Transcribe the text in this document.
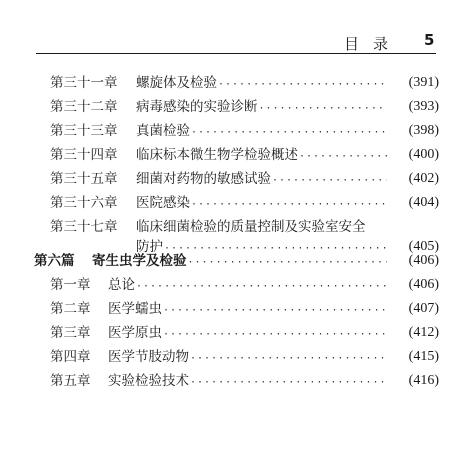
目录 5
第三十一章 螺旋体及检验 ·····	(391)
第三十二章 病毒感染的实验诊断 ·····	(393)
第三十三章 真菌检验 ·····	(398)
第三十四章 临床标本微生物学检验概述 ·····	(400)
第三十五章 细菌对药物的敏感试验 ·····	(402)
第三十六章 医院感染 ·····	(404)
第三十七章 临床细菌检验的质量控制及实验室安全
防护 ·····	(405)
第六篇 寄生虫学及检验 ·····	(406)
第一章 总论 ·····	(406)
第二章 医学蠕虫 ·····	(407)
第三章 医学原虫 ·····	(412)
第四章 医学节肢动物 ·····	(415)
第五章 实验检验技术 ·····	(416)
